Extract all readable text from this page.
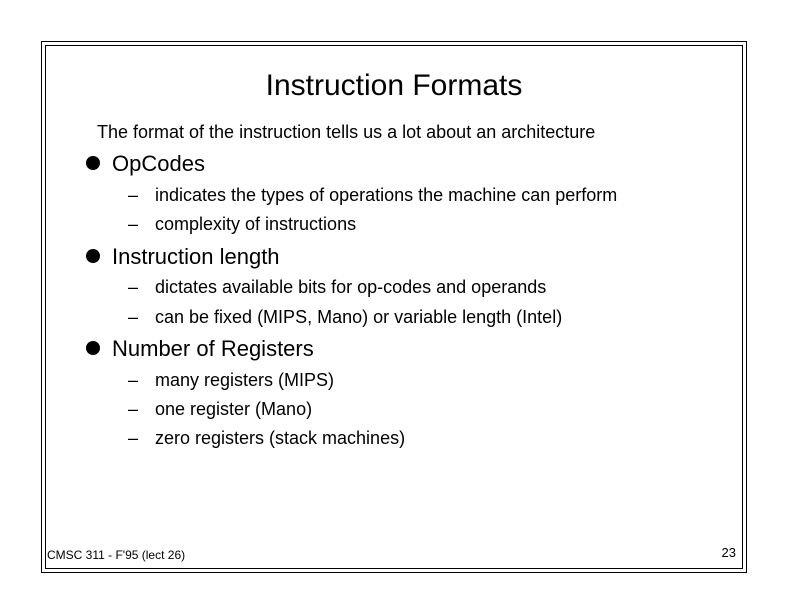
Instruction Formats
The format of the instruction tells us a lot about an architecture
OpCodes
– indicates the types of operations the machine can perform
– complexity of instructions
Instruction length
– dictates available bits for op-codes and operands
– can be fixed (MIPS, Mano) or variable length (Intel)
Number of Registers
– many registers (MIPS)
– one register (Mano)
– zero registers (stack machines)
CMSC 311 - F'95 (lect 26)	23
